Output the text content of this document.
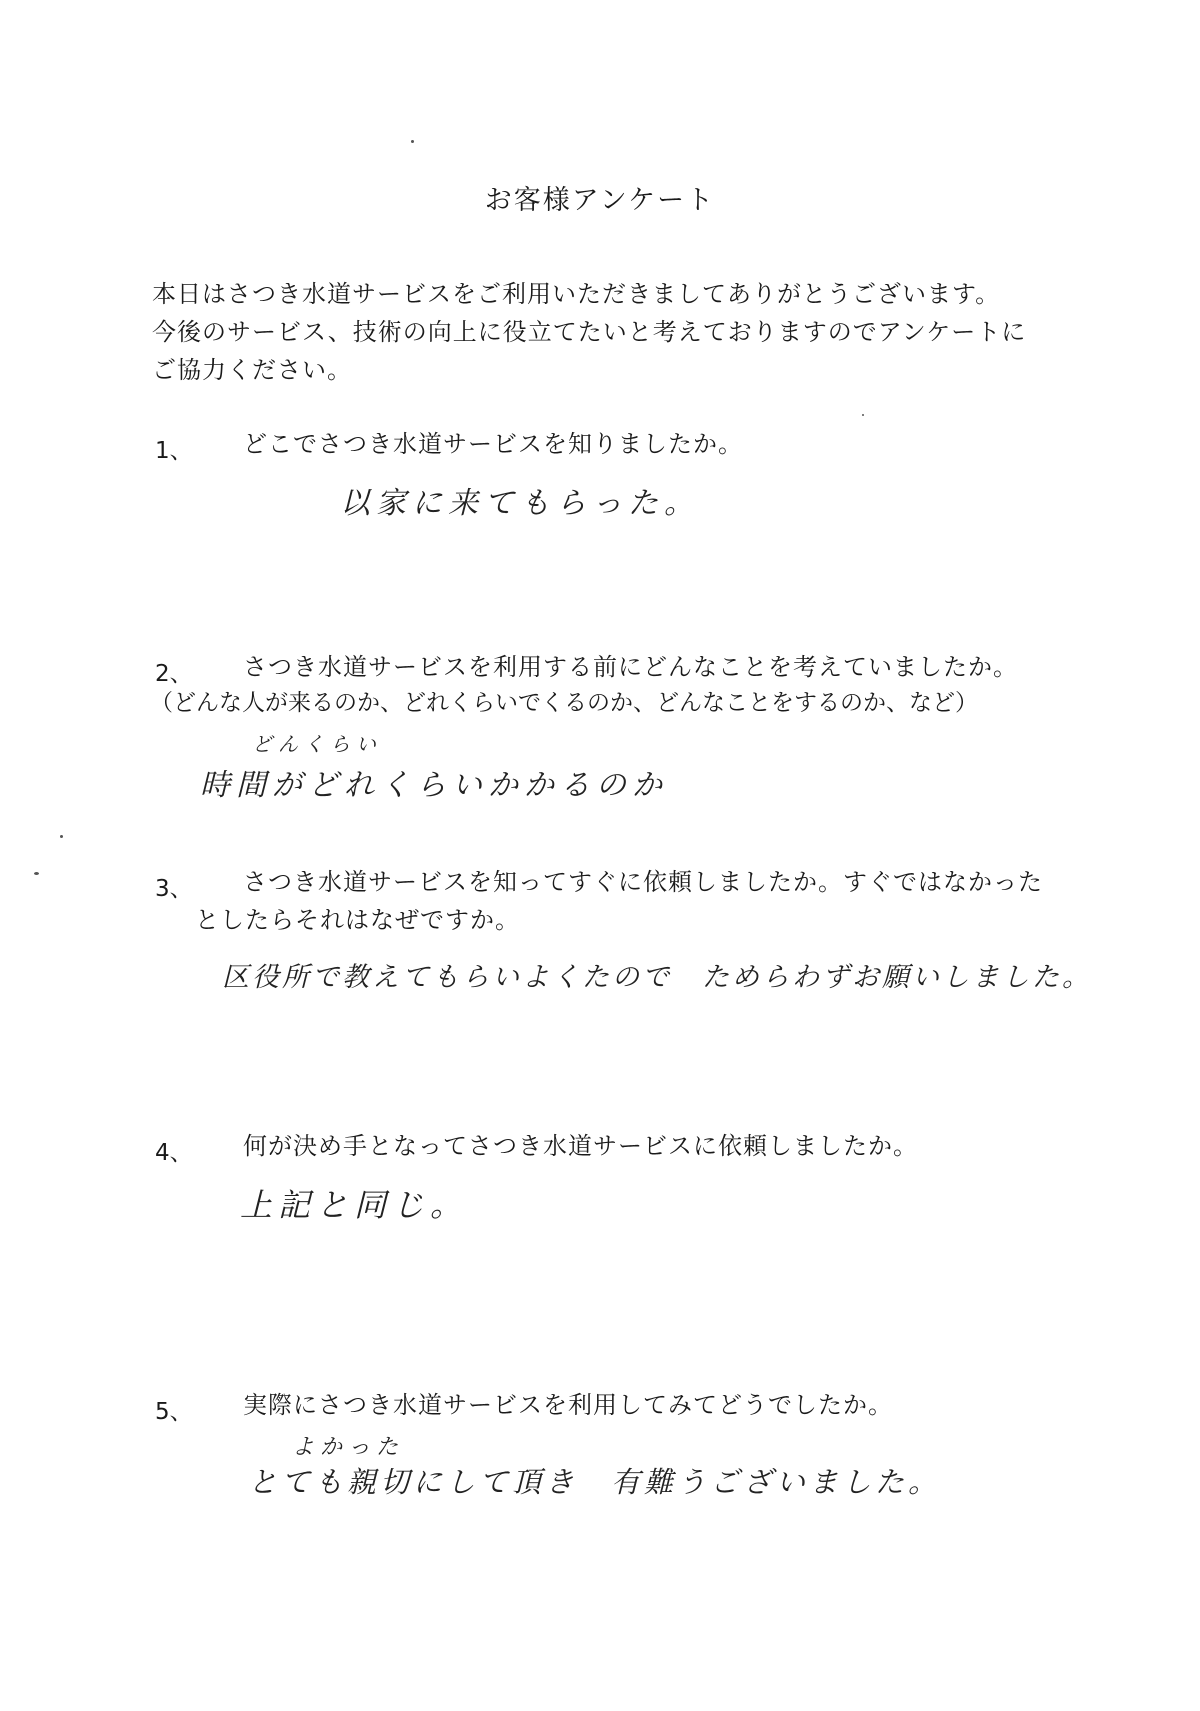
お客様アンケート
本日はさつき水道サービスをご利用いただきましてありがとうございます。
今後のサービス、技術の向上に役立てたいと考えておりますのでアンケートに
ご協力ください。
1、 どこでさつき水道サービスを知りましたか。
以家に来てもらった。
2、 さつき水道サービスを利用する前にどんなことを考えていましたか。
（どんな人が来るのか、どれくらいでくるのか、どんなことをするのか、など）
どんくらい
時間がどれくらいかかるのか
3、 さつき水道サービスを知ってすぐに依頼しましたか。すぐではなかった
としたらそれはなぜですか。
区役所で教えてもらいよくたので　ためらわずお願いしました。
4、 何が決め手となってさつき水道サービスに依頼しましたか。
上記と同じ。
5、 実際にさつき水道サービスを利用してみてどうでしたか。
よかった
とても親切にして頂き　有難うございました。
